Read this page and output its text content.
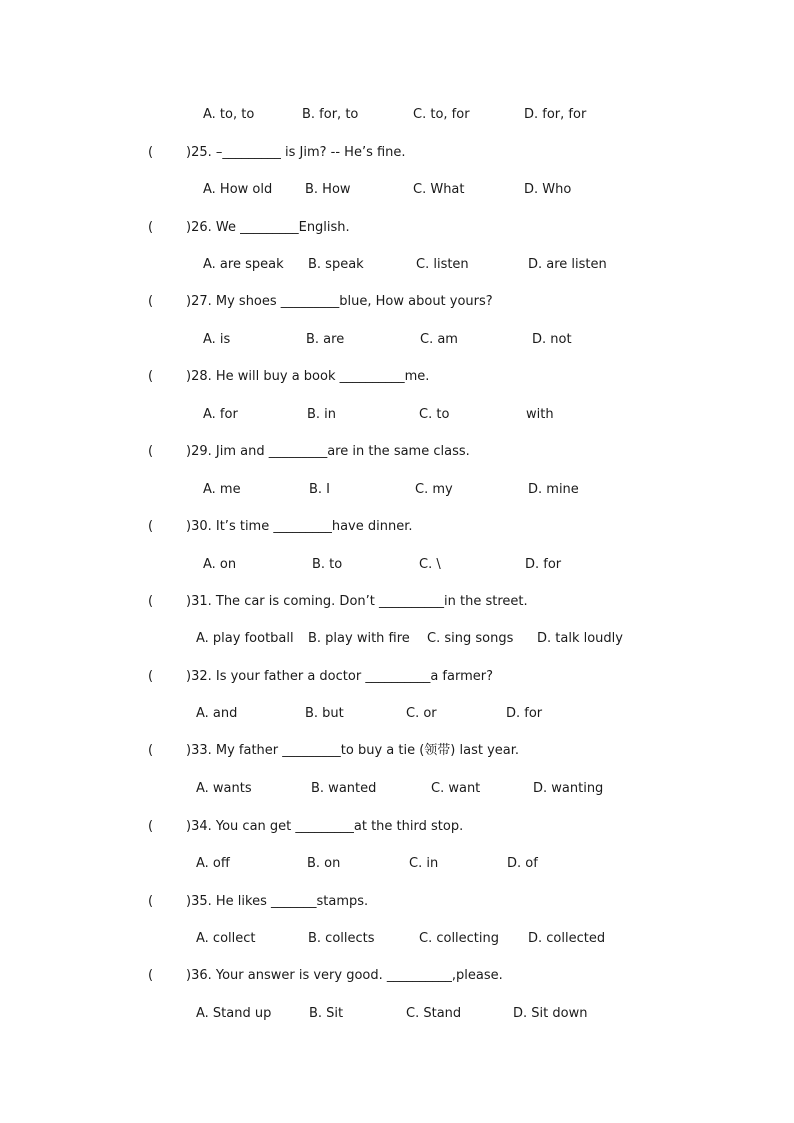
A. to, to	B. for, to	C. to, for	D. for, for
(	)25. –_________ is Jim? -- He’s fine.
A. How old	B. How	C. What	D. Who
(	)26. We _________English.
A. are speak B. speak	C. listen	D. are listen
(	)27. My shoes _________blue, How about yours?
A. is	B. are	C. am	D. not
(	)28. He will buy a book __________me.
A. for	B. in	C. to	with
(	)29. Jim and _________are in the same class.
A. me	B. I	C. my	D. mine
(	)30. It’s time _________have dinner.
A. on	B. to	C. \	D. for
(	)31. The car is coming. Don’t __________in the street.
A. play football B. play with fire C. sing songs D. talk loudly
(	)32. Is your father a doctor __________a farmer?
A. and	B. but	C. or	D. for
(	)33. My father _________to buy a tie (领带) last year.
A. wants	B. wanted	C. want	D. wanting
(	)34. You can get _________at the third stop.
A. off	B. on	C. in	D. of
(	)35. He likes _______stamps.
A. collect	B. collects	C. collecting D. collected
(	)36. Your answer is very good. __________,please.
A. Stand up	B. Sit	C. Stand	D. Sit down
